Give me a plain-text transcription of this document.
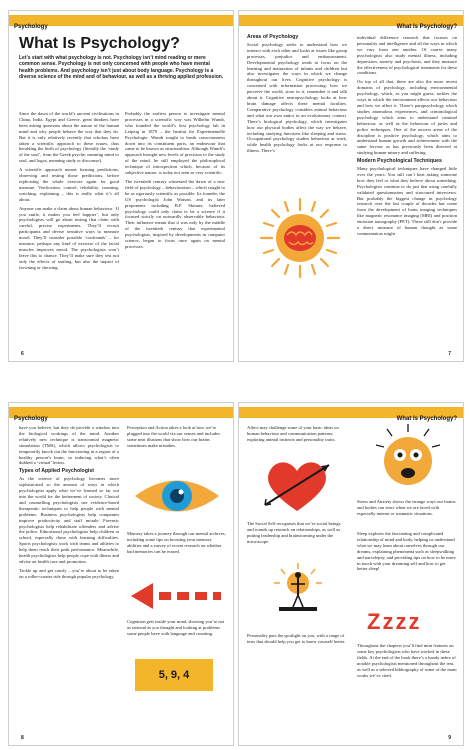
Psychology
What Is Psychology?

Let’s start with what psychology is not. Psychology isn’t mind reading or mere common sense. Psychology is not only concerned with people who have mental health problems. And psychology isn’t just about body language. Psychology is a diverse science of the mind and of behaviour, as well as a thriving applied profession.

Since the dawn of the world’s ancient civilisations in China, India, Egypt and Greece, great thinkers have been asking questions about the nature of the human mind and why people behave the way that they do. But it is only relatively recently that scholars have taken a scientific approach to these issues, thus heralding the birth of psychology (literally the ‘study of the soul’, from the Greek psyche, meaning mind or soul, and logos, meaning study or discourse).

A scientific approach means forming predictions, observing and testing those predictions, before replicating the whole exercise again for good measure. Verification, control, reliability, counting, watching, explaining – this is really what it’s all about.

Anyone can make a claim about human behaviour. ‘If you smile, it makes you feel happier’, but only psychologists will go about testing that claim with careful, precise experiments. They’ll recruit participants and devise sensitive ways to measure mood. They’ll consider possible ‘confounds’ – for instance, perhaps any kind of exercise of the facial muscles improves mood. The psychologists won’t leave this to chance. They’ll make sure they test not only the effects of smiling, but also the impact of frowning or chewing.

Probably the earliest person to investigate mental processes in a scientific way was Wilhelm Wundt, who founded the world’s first psychology lab in Leipzig in 1879 – the Institut für Experimentelle Psychologie. Wundt sought to break consciousness down into its constituent parts, an endeavour that came to be known as structuralism. Although Wundt’s approach brought new levels of precision to the study of the mind, he still employed the philosophical technique of introspection which, because of its subjective nature, is today not seen as very scientific.

The twentieth century witnessed the dawn of a new field of psychology – behaviourism – which sought to be as rigorously scientific as possible. Its founder, the US psychologist John Watson, and its later proponents including B.F. Skinner, believed psychology could only claim to be a science if it focused strictly on outwardly observable behaviour. Their influence meant that it was only by the middle of the twentieth century that experimental psychologists, inspired by developments in computer science, began to focus once again on mental processes.

6
What Is Psychology?
Areas of Psychology

Social psychology seeks to understand how we interact with each other and looks at issues like group processes, prejudice and embarrassment. Developmental psychology tends to focus on the learning and maturation of infants and children but also investigates the ways in which we change throughout our lives. Cognitive psychology is concerned with information processing: how we perceive the world, store in it, remember it and talk about it. Cognitive neuropsychology looks at how brain damage affects these mental faculties. Comparative psychology considers animal behaviour and what our own antics in an evolutionary context. There’s biological psychology, which investigates how our physical bodies affect the way we behave, including studying functions like sleeping and stress. Occupational psychology studies behaviour at work, while health psychology looks at our response to illness. There’s

individual difference research that focuses on personality and intelligence and all the ways in which we vary from one another. Of course many psychologists also study mental illness, including depression, anxiety and psychosis, and they measure the effectiveness of psychological treatments for these conditions.

On top of all that, there are also the more recent domains of psychology, including environmental psychology, which, as you might guess, tackles the ways in which the environment affects our behaviour and how we affect it. There’s parapsychology which studies anomalous experiences, and criminological psychology which aims to understand criminal behaviour, as well as the behaviour of juries and police techniques. One of the newest areas of the discipline is positive psychology, which aims to understand human growth and achievement with the same fervour as has previously been directed at studying human misery and suffering.

Modern Psychological Techniques

Many psychological techniques have changed little over the years. You still can’t beat asking someone how they feel or what they believe about something. Psychologists continue to do just that using carefully validated questionnaires and structured interviews. But probably the biggest change in psychology research over the last couple of decades has come from the development of brain imaging techniques like magnetic resonance imaging (MRI) and positron emission tomography (PET). These still don’t provide a direct measure of human thought as some commentators might

7
Psychology

have you believe, but they do provide a window into the biological workings of the mind. Another relatively new technique is transcranial magnetic stimulation (TMS), which allows psychologists to temporarily knock out the functioning in a region of a healthy person’s brain, so inducing what’s often dubbed a ‘virtual’ lesion.

Types of Applied Psychologist

As the science of psychology becomes more sophisticated so the amount of ways in which psychologists apply what we’ve learned so far out into the world for the betterment of society. Clinical and counselling psychologists use evidence-based therapeutic techniques to help people with mental problems. Business psychologists help companies improve productivity and staff morale. Forensic psychologists help rehabilitate offenders and advise the police. Educational psychologists help children at school, especially those with learning difficulties. Sports psychologists work with teams and athletes to help them reach their peak performance. Meanwhile, health psychologists help people cope with illness and advise on health care and promotion.

Tackle up and get comfy – you’re about to be taken on a roller-coaster ride through popular psychology.

Perception and Action takes a look at how we’re plugged into the world via our senses and includes some neat illusions that show how our brains sometimes make mistakes.

Memory takes a journey through our mental archives, including some tips on boosting your memory abilities and a survey of recent research on whether bad memories can be erased.

Cognition gets inside your mind, showing you’re not as rational as you thought and looking at problems some people have with language and counting.

5, 9, 4
8
What Is Psychology?

Affect may challenge some of your basic ideas on human behaviour and communication patterns, exploring animal instincts and personality traits.

The Social Self recognises that we’re social beings and rounds up research on relationships, as well as putting leadership and brainstorming under the microscope.

Personality puts the spotlight on you, with a range of tests that should help you get to know yourself better.

Stress and Anxiety shows the strange ways our brains and bodies can react when we are faced with especially intense or traumatic situations.

Sleep explores the fascinating and complicated relationship of mind and body, helping us understand what we may learn about ourselves through our dreams, explaining phenomena such as sleepwalking and narcolepsy, and providing tips on how to be more in touch with your dreaming self and how to get better sleep!

Zzzz

Throughout the chapters you’ll find mini features on some key psychologists who have worked in these fields. At the end of the book there’s a handy index of notable psychologists mentioned throughout the text, as well as a selected bibliography of some of the main works we’ve cited.

9
